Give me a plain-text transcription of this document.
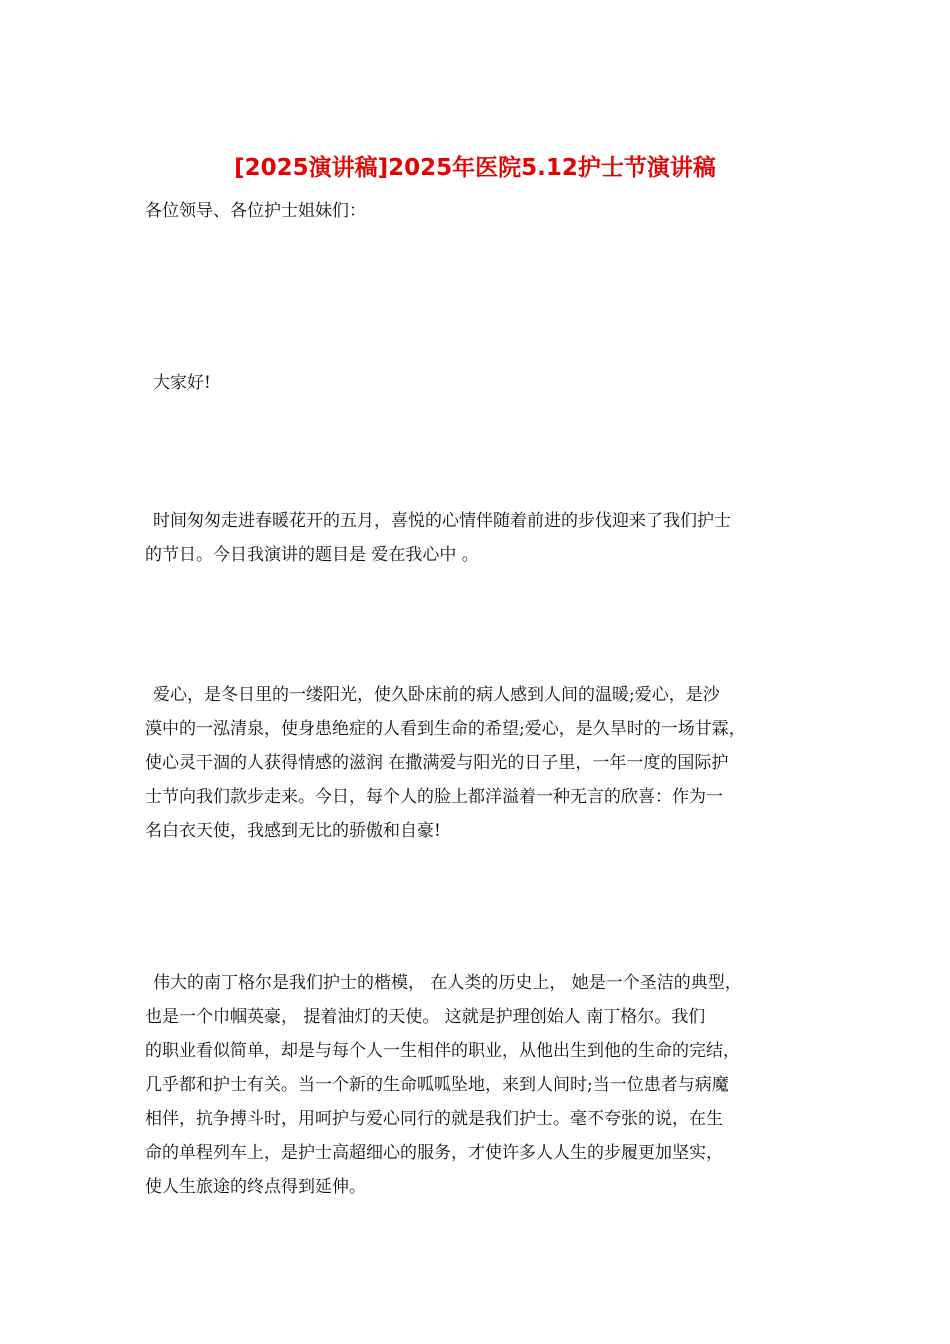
[2025演讲稿]2025年医院5.12护士节演讲稿

各位领导、各位护士姐妹们：

大家好!

时间匆匆走进春暖花开的五月，喜悦的心情伴随着前进的步伐迎来了我们护士
的节日。今日我演讲的题目是 爱在我心中 。

爱心，是冬日里的一缕阳光，使久卧床前的病人感到人间的温暖;爱心，是沙
漠中的一泓清泉，使身患绝症的人看到生命的希望;爱心，是久旱时的一场甘霖，
使心灵干涸的人获得情感的滋润 在撒满爱与阳光的日子里，一年一度的国际护
士节向我们款步走来。今日，每个人的脸上都洋溢着一种无言的欣喜：作为一
名白衣天使，我感到无比的骄傲和自豪!

伟大的南丁格尔是我们护士的楷模， 在人类的历史上， 她是一个圣洁的典型，
也是一个巾帼英豪， 提着油灯的天使。 这就是护理创始人 南丁格尔。我们
的职业看似简单，却是与每个人一生相伴的职业，从他出生到他的生命的完结，
几乎都和护士有关。当一个新的生命呱呱坠地，来到人间时;当一位患者与病魔
相伴，抗争搏斗时，用呵护与爱心同行的就是我们护士。毫不夸张的说，在生
命的单程列车上，是护士高超细心的服务，才使许多人人生的步履更加坚实，
使人生旅途的终点得到延伸。
